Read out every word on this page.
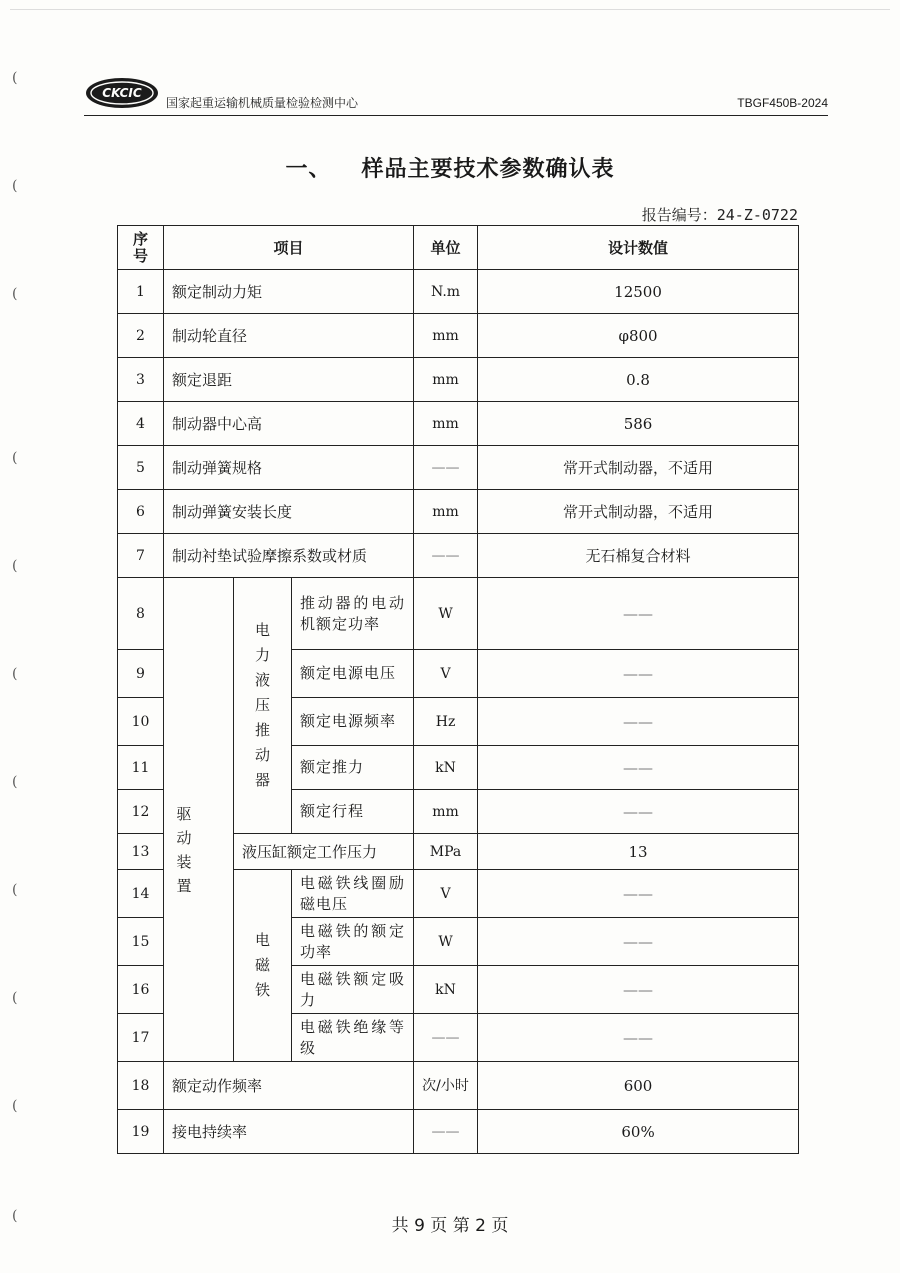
(
(
(
(
(
(
(
(
(
(
(
CKCIC
国家起重运输机械质量检验检测中心	TBGF450B-2024
一、 样品主要技术参数确认表
报告编号：24-Z-0722
序号	项目			单位	设计数值
1	额定制动力矩			N.m	12500
2	制动轮直径			mm	φ800
3	额定退距			mm	0.8
4	制动器中心高			mm	586
5	制动弹簧规格			——	常开式制动器，不适用
6	制动弹簧安装长度			mm	常开式制动器，不适用
7	制动衬垫试验摩擦系数或材质			——	无石棉复合材料
8	驱动装置	电力液压推动器	推动器的电动机额定功率	W	——
9			额定电源电压	V	——
10			额定电源频率	Hz	——
11			额定推力	kN	——
12			额定行程	mm	——
13		液压缸额定工作压力		MPa	13
14		电磁铁	电磁铁线圈励磁电压	V	——
15			电磁铁的额定功率	W	——
16			电磁铁额定吸力	kN	——
17			电磁铁绝缘等级	——	——
18	额定动作频率			次/小时	600
19	接电持续率			——	60%
共 9 页 第 2 页
